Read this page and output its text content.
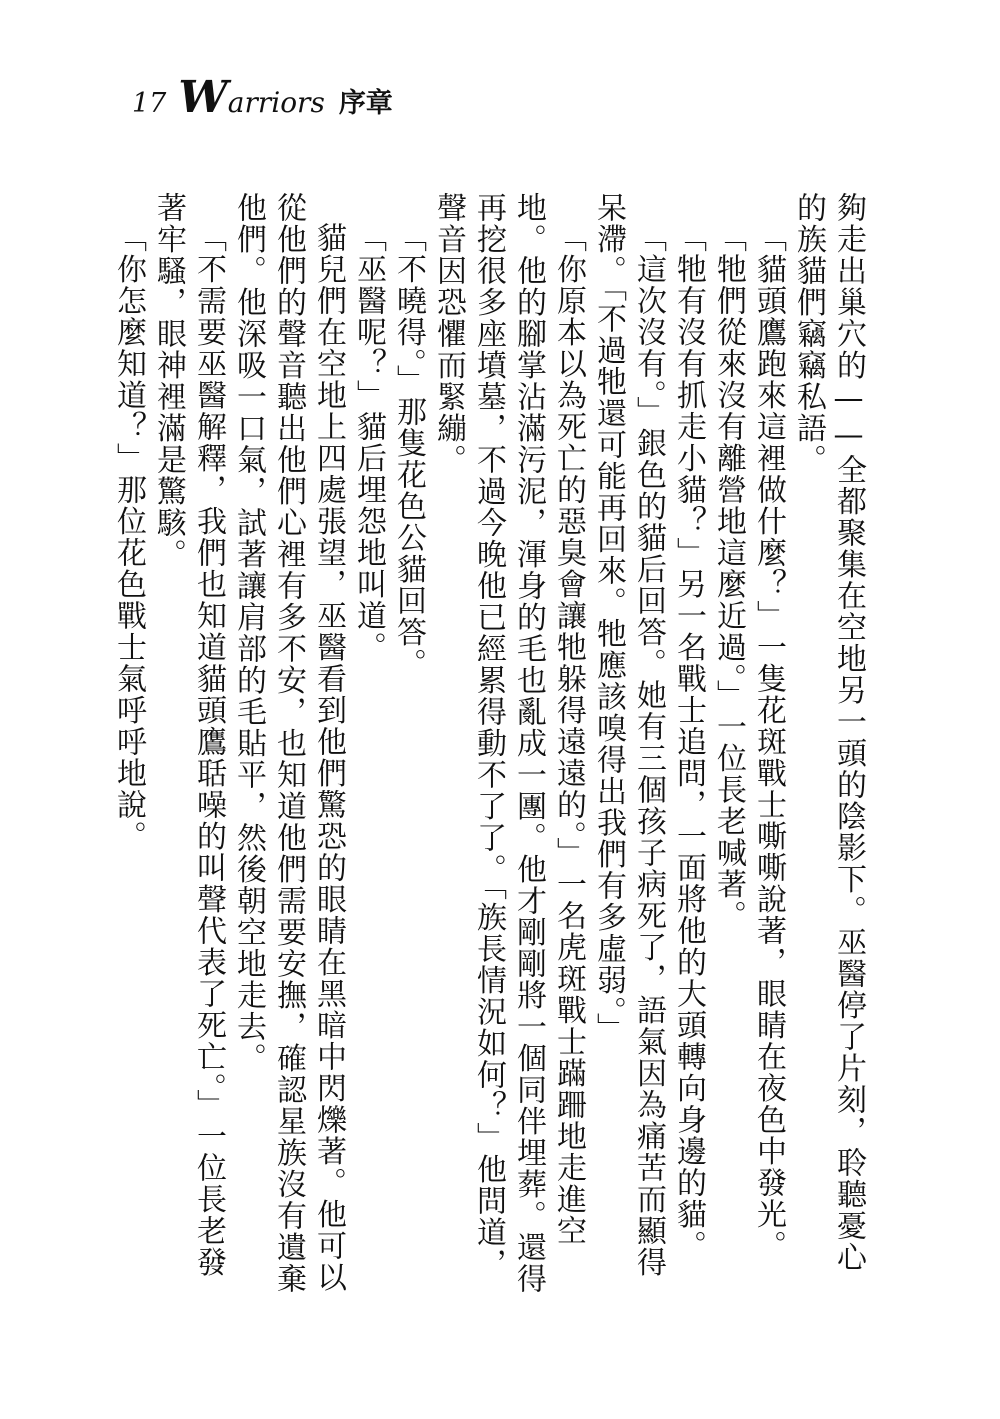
17 Warriors 序章

夠走出巢穴的——全都聚集在空地另一頭的陰影下。巫醫停了片刻，聆聽憂心的族貓們竊竊私語。

「貓頭鷹跑來這裡做什麼？」一隻花斑戰士嘶嘶說著，眼睛在夜色中發光。

「牠們從來沒有離營地這麼近過。」一位長老喊著。

「牠有沒有抓走小貓？」另一名戰士追問，一面將他的大頭轉向身邊的貓。

「這次沒有。」銀色的貓后回答。她有三個孩子病死了，語氣因為痛苦而顯得呆滯。「不過牠還可能再回來。牠應該嗅得出我們有多虛弱。」

「你原本以為死亡的惡臭會讓牠躲得遠遠的。」一名虎斑戰士蹣跚地走進空地。他的腳掌沾滿污泥，渾身的毛也亂成一團。他才剛剛將一個同伴埋葬。還得再挖很多座墳墓，不過今晚他已經累得動不了了。「族長情況如何？」他問道，聲音因恐懼而緊繃。

「不曉得。」那隻花色公貓回答。

「巫醫呢？」貓后埋怨地叫道。

貓兒們在空地上四處張望，巫醫看到他們驚恐的眼睛在黑暗中閃爍著。他可以從他們的聲音聽出他們心裡有多不安，也知道他們需要安撫，確認星族沒有遺棄他們。他深吸一口氣，試著讓肩部的毛貼平，然後朝空地走去。

「不需要巫醫解釋，我們也知道貓頭鷹聒噪的叫聲代表了死亡。」一位長老發著牢騷，眼神裡滿是驚駭。

「你怎麼知道？」那位花色戰士氣呼呼地說。
